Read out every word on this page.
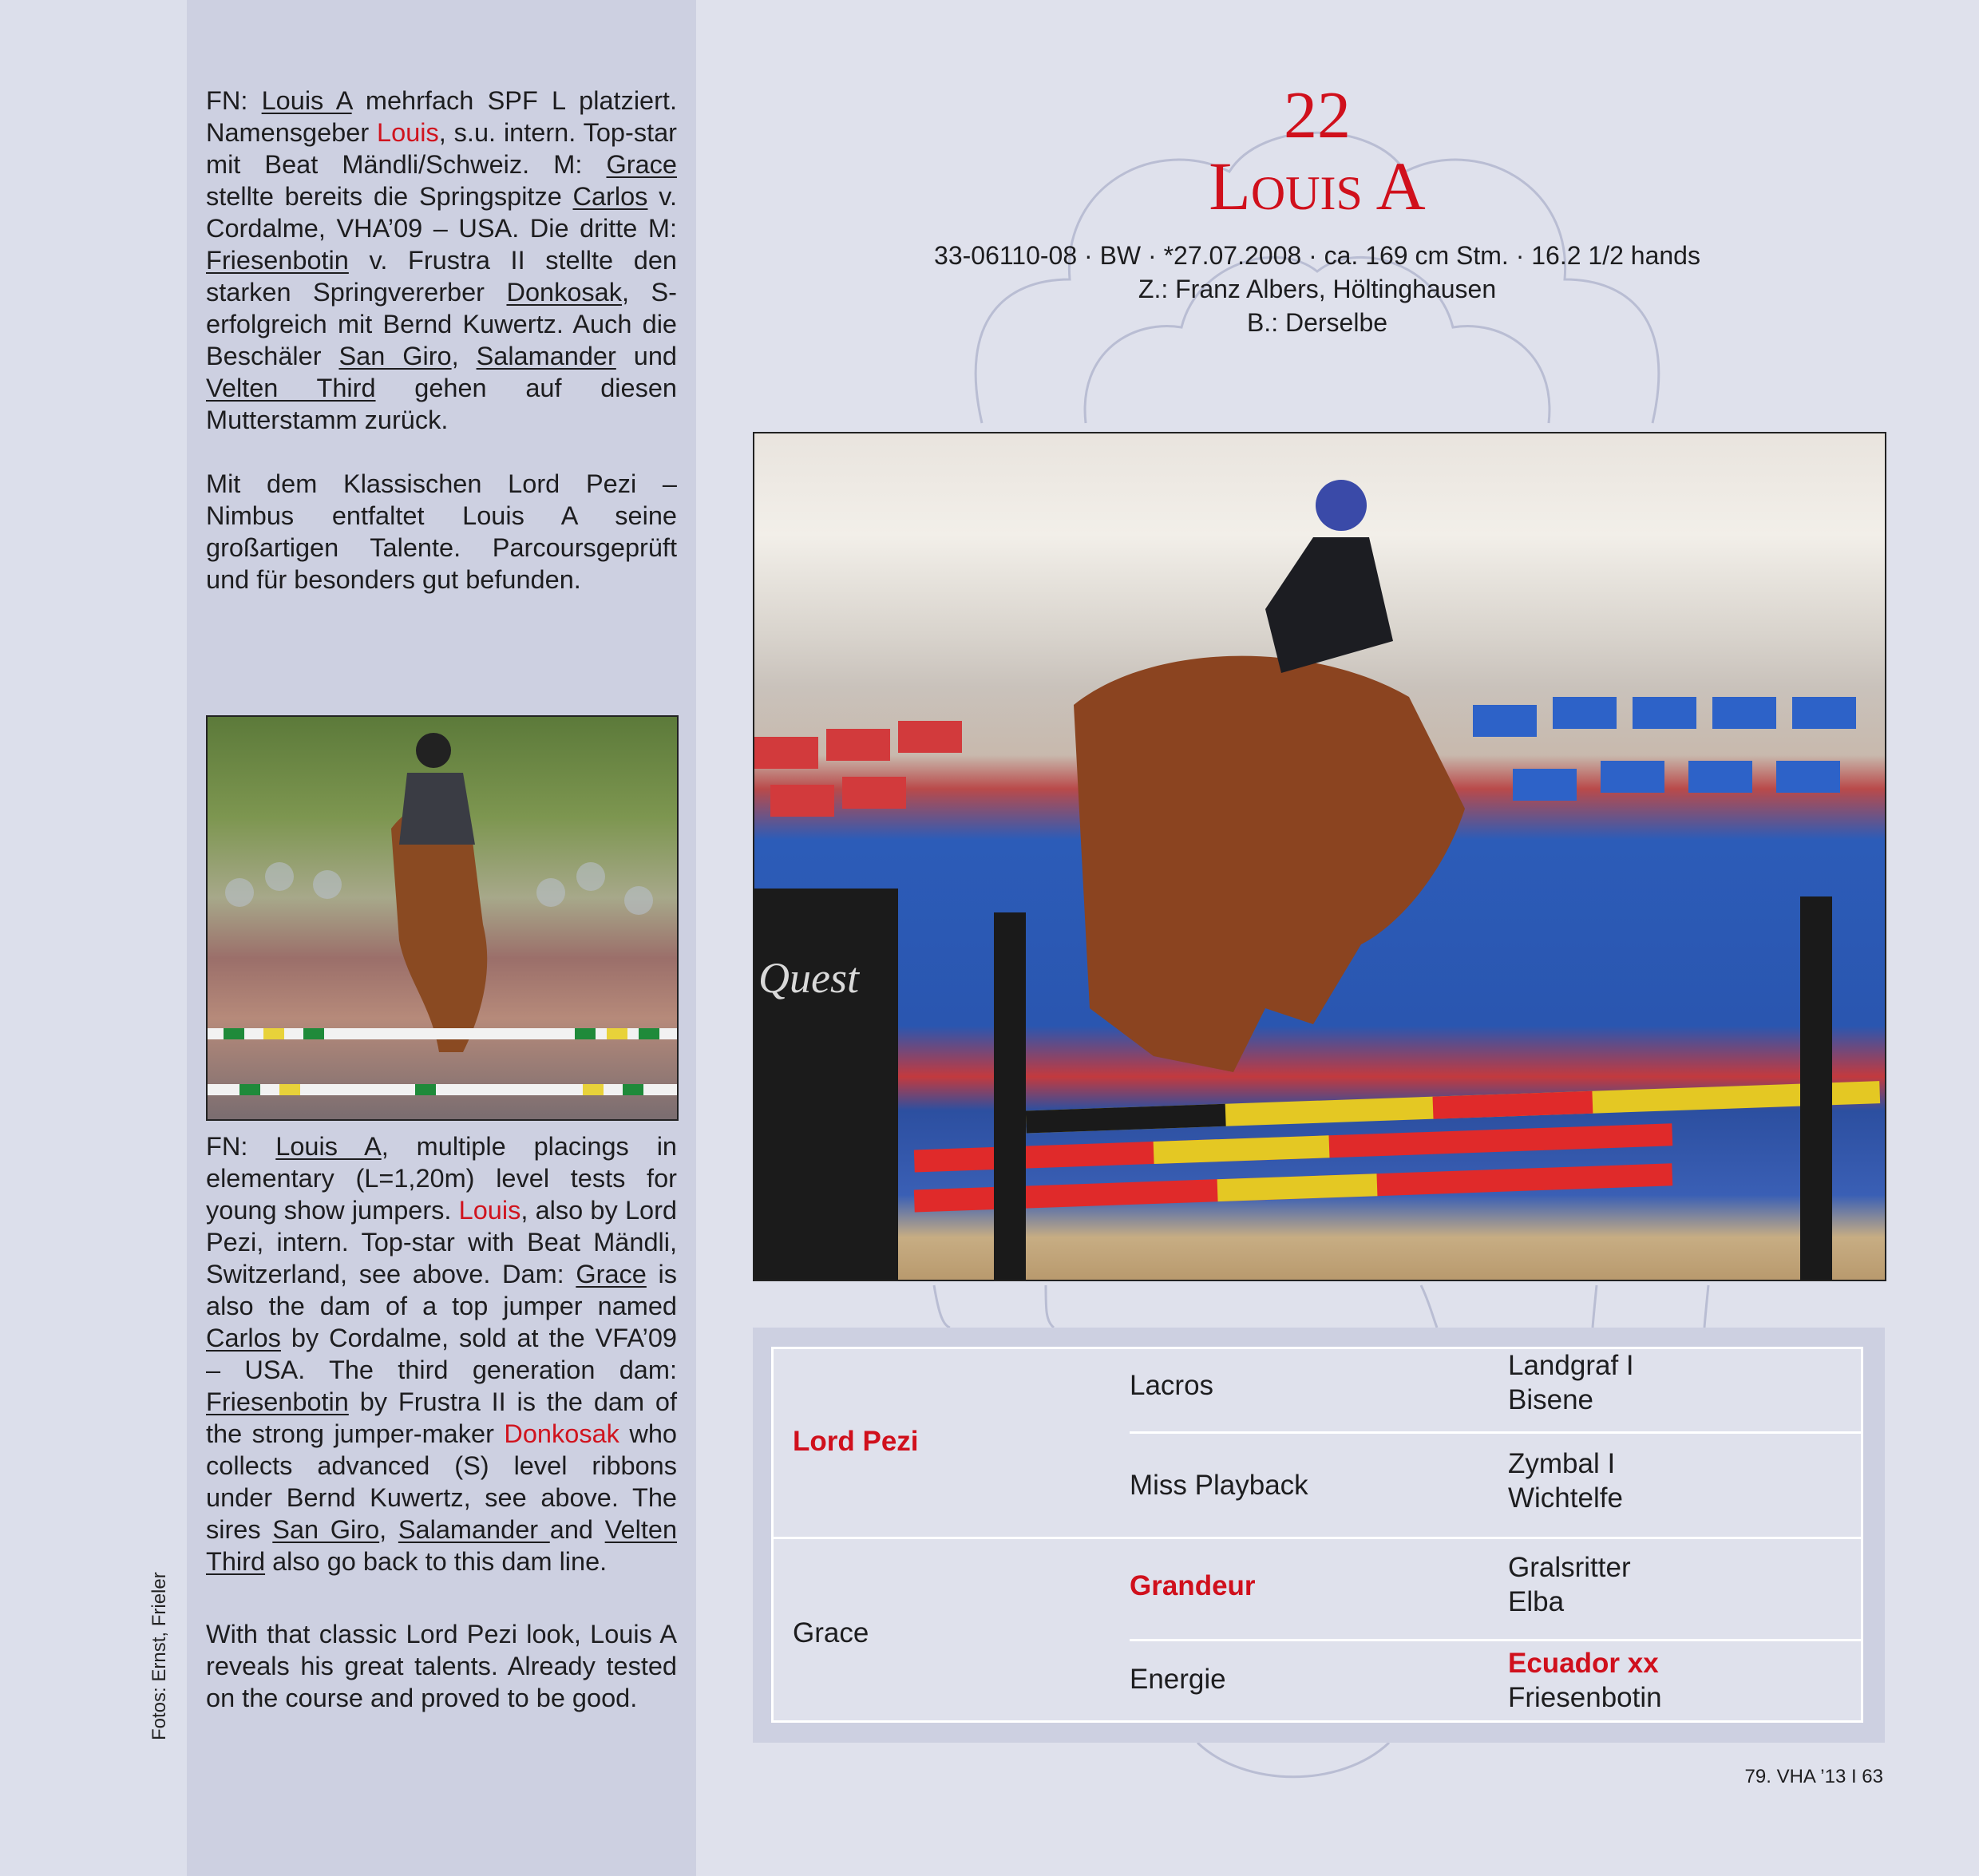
FN: Louis A mehrfach SPF L platziert. Namensgeber Louis, s.u. intern. Top-star mit Beat Mändli/Schweiz. M: Grace stellte bereits die Springspitze Carlos v. Cordalme, VHA’09 – USA. Die dritte M: Friesenbotin v. Frustra II stellte den starken Springvererber Donkosak, S-erfolgreich mit Bernd Kuwertz. Auch die Beschäler San Giro, Salamander und Velten Third gehen auf diesen Mutterstamm zurück.

Mit dem Klassischen Lord Pezi – Nimbus entfaltet Louis A seine großartigen Talente. Parcoursgeprüft und für besonders gut befunden.

FN: Louis A, multiple placings in elementary (L=1,20m) level tests for young show jumpers. Louis, also by Lord Pezi, intern. Top-star with Beat Mändli, Switzerland, see above. Dam: Grace is also the dam of a top jumper named Carlos by Cordalme, sold at the VFA’09 – USA. The third generation dam: Friesenbotin by Frustra II is the dam of the strong jumper-maker Donkosak who collects advanced (S) level ribbons under Bernd Kuwertz, see above. The sires San Giro, Salamander and Velten Third also go back to this dam line.

With that classic Lord Pezi look, Louis A reveals his great talents. Already tested on the course and proved to be good.

Fotos: Ernst, Frieler
22
Louis A
33-06110-08 · BW · *27.07.2008 · ca. 169 cm Stm. · 16.2 1/2 hands
Z.: Franz Albers, Höltinghausen
B.: Derselbe
Quest
Lord Pezi
Grace
Lacros
Miss Playback
Grandeur
Energie
Landgraf I
Bisene
Zymbal I
Wichtelfe
Gralsritter
Elba
Ecuador xx
Friesenbotin
79. VHA ’13 I 63
